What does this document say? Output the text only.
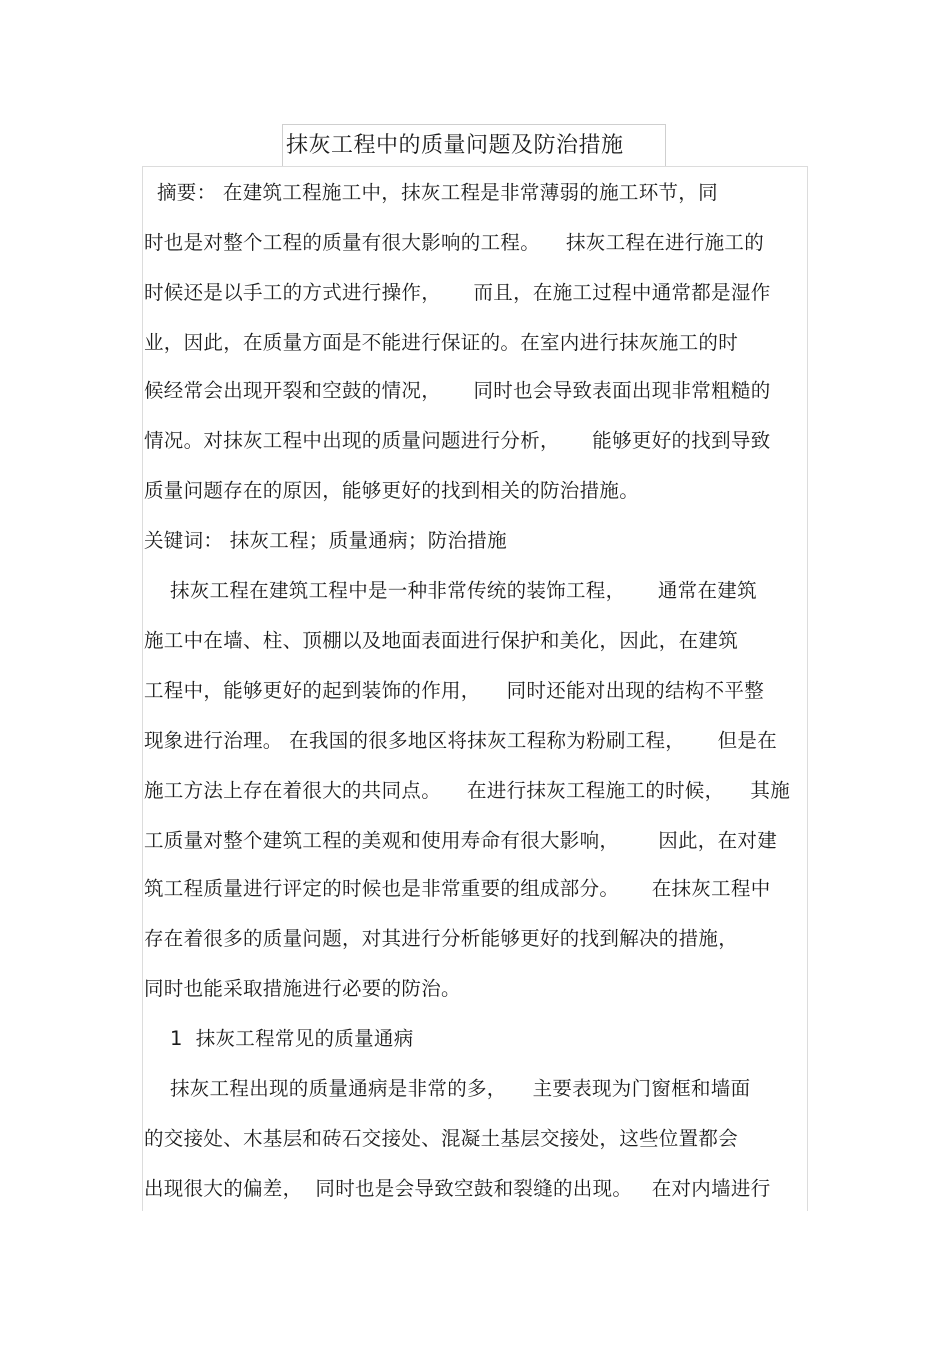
抹灰工程中的质量问题及防治措施
摘要： 在建筑工程施工中，抹灰工程是非常薄弱的施工环节，同
时也是对整个工程的质量有很大影响的工程。    抹灰工程在进行施工的
时候还是以手工的方式进行操作，     而且，在施工过程中通常都是湿作
业，因此，在质量方面是不能进行保证的。在室内进行抹灰施工的时
候经常会出现开裂和空鼓的情况，     同时也会导致表面出现非常粗糙的
情况。对抹灰工程中出现的质量问题进行分析，     能够更好的找到导致
质量问题存在的原因，能够更好的找到相关的防治措施。
关键词： 抹灰工程；质量通病；防治措施
抹灰工程在建筑工程中是一种非常传统的装饰工程，     通常在建筑
施工中在墙、柱、顶棚以及地面表面进行保护和美化，因此，在建筑
工程中，能够更好的起到装饰的作用，    同时还能对出现的结构不平整
现象进行治理。 在我国的很多地区将抹灰工程称为粉刷工程，     但是在
施工方法上存在着很大的共同点。    在进行抹灰工程施工的时候，    其施
工质量对整个建筑工程的美观和使用寿命有很大影响，      因此，在对建
筑工程质量进行评定的时候也是非常重要的组成部分。     在抹灰工程中
存在着很多的质量问题，对其进行分析能够更好的找到解决的措施，
同时也能采取措施进行必要的防治。
1  抹灰工程常见的质量通病
抹灰工程出现的质量通病是非常的多，    主要表现为门窗框和墙面
的交接处、木基层和砖石交接处、混凝土基层交接处，这些位置都会
出现很大的偏差，  同时也是会导致空鼓和裂缝的出现。   在对内墙进行
